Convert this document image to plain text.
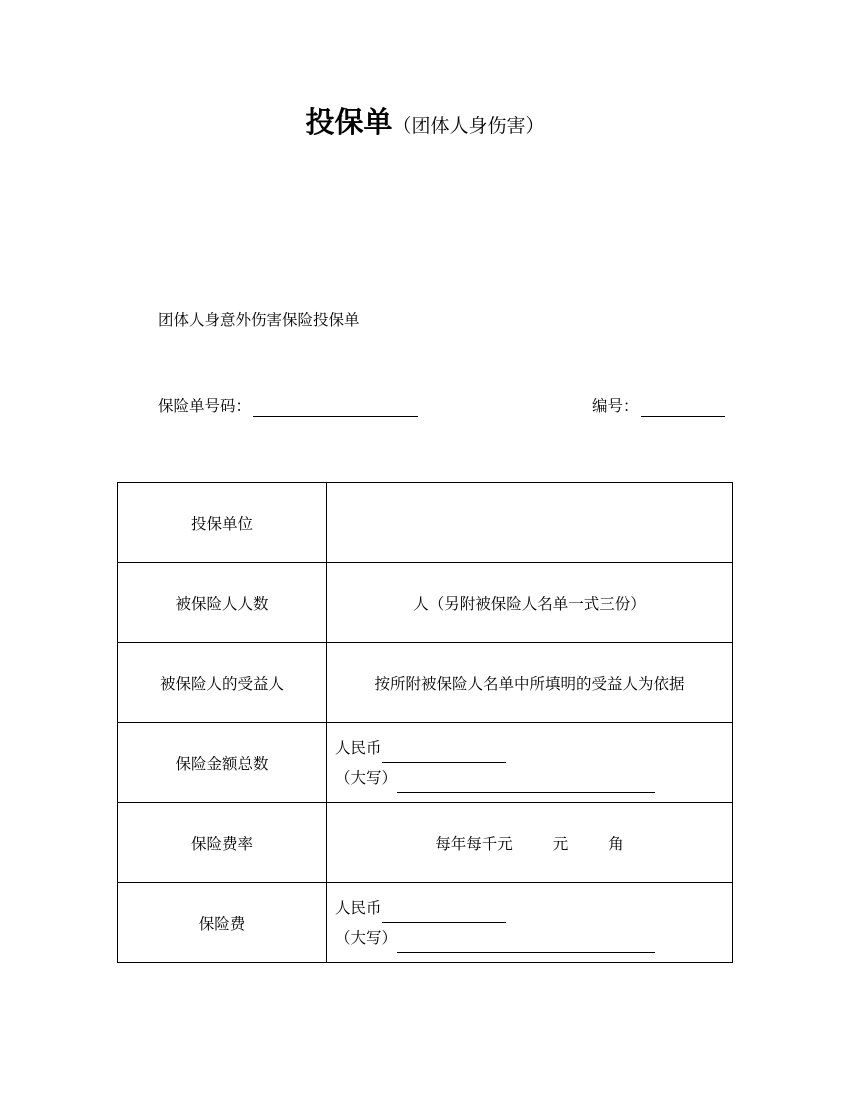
投保单（团体人身伤害）
团体人身意外伤害保险投保单
保险单号码：	编号：
投保单位	
被保险人人数	人（另附被保险人名单一式三份）
被保险人的受益人	按所附被保险人名单中所填明的受益人为依据
保险金额总数	人民币
（大写）

保险费率	每年每千元 元 角
保险费	人民币
（大写）
